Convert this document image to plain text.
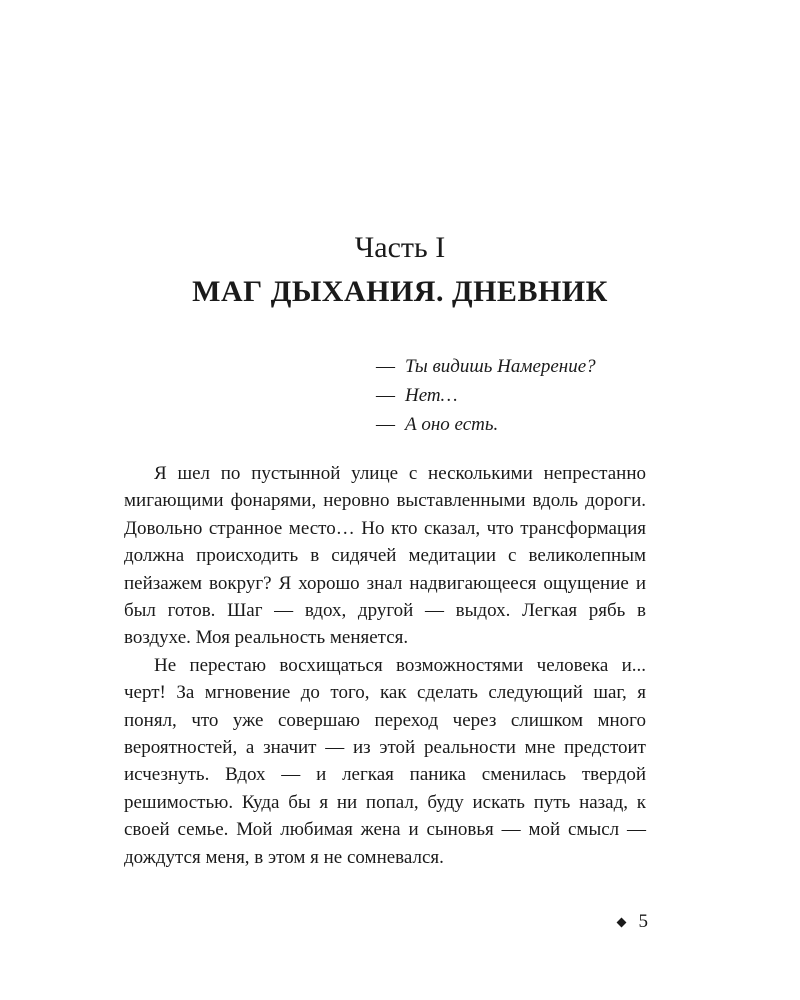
Часть I
МАГ ДЫХАНИЯ. ДНЕВНИК
— Ты видишь Намерение?
— Нет…
— А оно есть.

Я шел по пустынной улице с несколькими непрестанно мигающими фонарями, неровно выставленными вдоль дороги. Довольно странное место… Но кто сказал, что трансформация должна происходить в сидячей медитации с великолепным пейзажем вокруг? Я хорошо знал надвигающееся ощущение и был готов. Шаг — вдох, другой — выдох. Легкая рябь в воздухе. Моя реальность меняется.

Не перестаю восхищаться возможностями человека и... черт! За мгновение до того, как сделать следующий шаг, я понял, что уже совершаю переход через слишком много вероятностей, а значит — из этой реальности мне предстоит исчезнуть. Вдох — и легкая паника сменилась твердой решимостью. Куда бы я ни попал, буду искать путь назад, к своей семье. Мой любимая жена и сыновья — мой смысл — дождутся меня, в этом я не сомневался.

5
